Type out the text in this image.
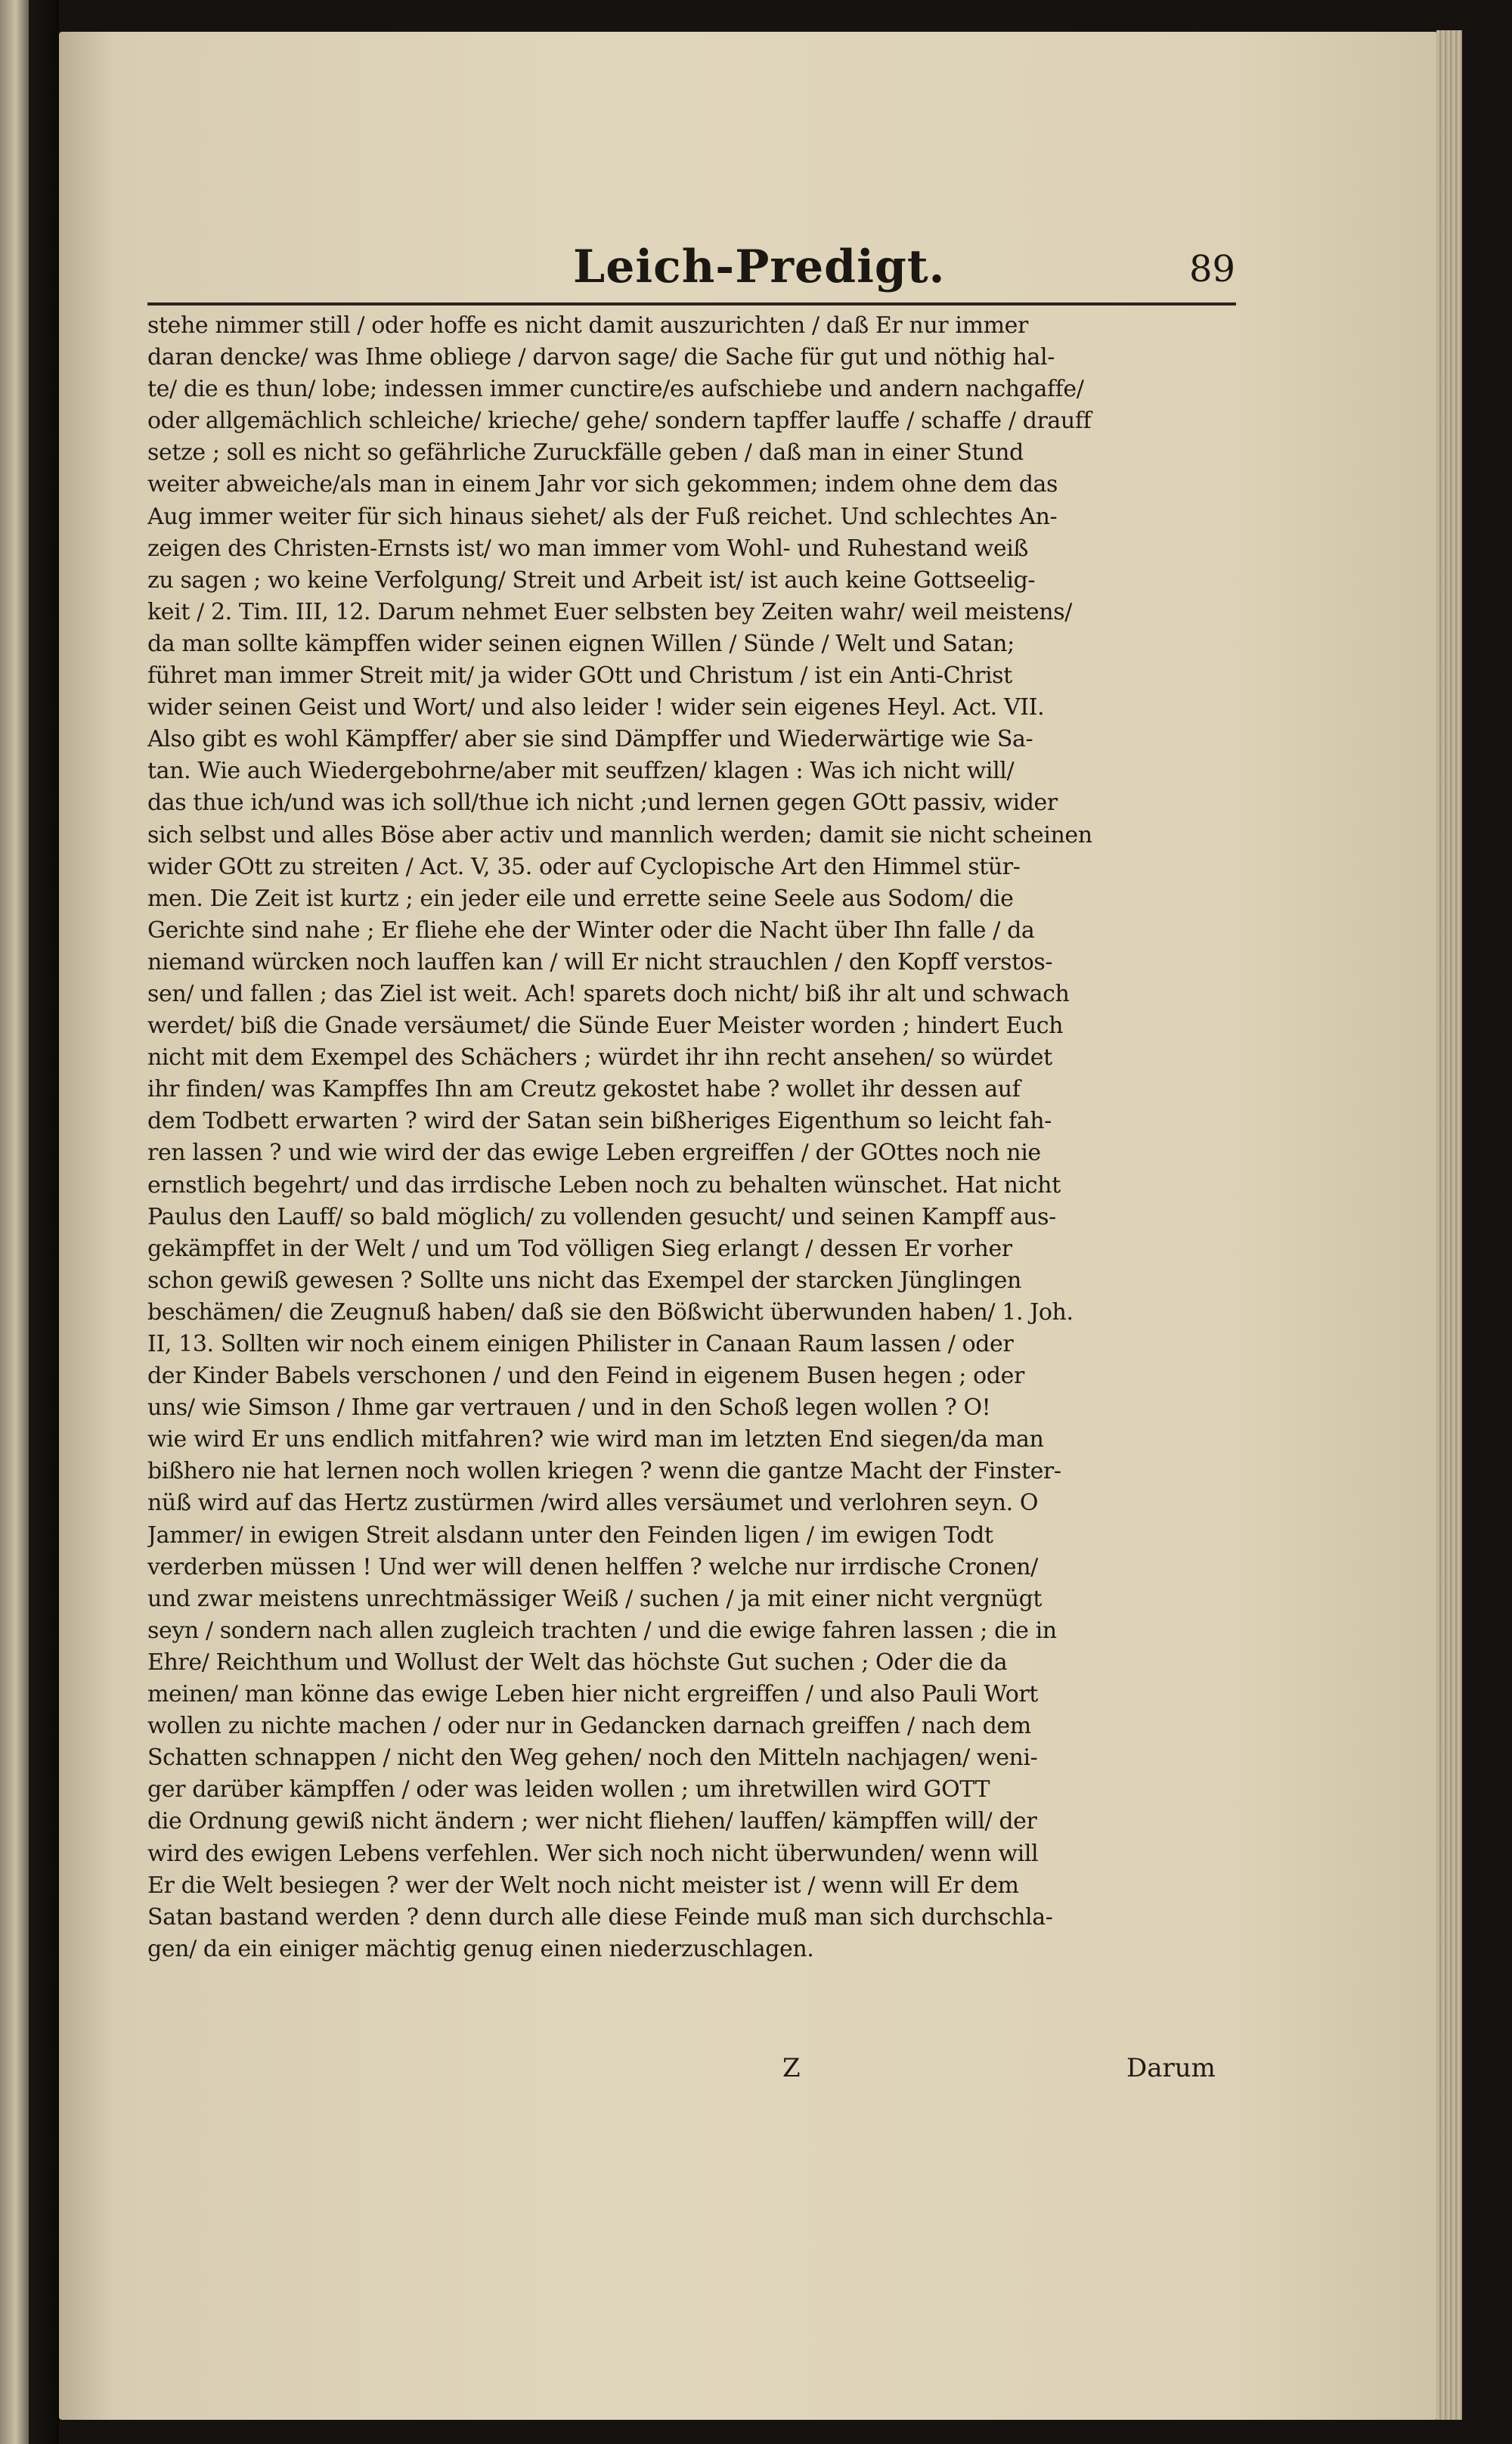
Leich-Predigt.	89
stehe nimmer still / oder hoffe es nicht damit auszurichten / daß Er nur immer
daran dencke/ was Ihme obliege / darvon sage/ die Sache für gut und nöthig hal-
te/ die es thun/ lobe; indessen immer cunctire/es aufschiebe und andern nachgaffe/
oder allgemächlich schleiche/ krieche/ gehe/ sondern tapffer lauffe / schaffe / drauff
setze ; soll es nicht so gefährliche Zuruckfälle geben / daß man in einer Stund
weiter abweiche/als man in einem Jahr vor sich gekommen; indem ohne dem das
Aug immer weiter für sich hinaus siehet/ als der Fuß reichet. Und schlechtes An-
zeigen des Christen-Ernsts ist/ wo man immer vom Wohl- und Ruhestand weiß
zu sagen ; wo keine Verfolgung/ Streit und Arbeit ist/ ist auch keine Gottseelig-
keit / 2. Tim. III, 12. Darum nehmet Euer selbsten bey Zeiten wahr/ weil meistens/
da man sollte kämpffen wider seinen eignen Willen / Sünde / Welt und Satan;
führet man immer Streit mit/ ja wider GOtt und Christum / ist ein Anti-Christ
wider seinen Geist und Wort/ und also leider ! wider sein eigenes Heyl. Act. VII.
Also gibt es wohl Kämpffer/ aber sie sind Dämpffer und Wiederwärtige wie Sa-
tan. Wie auch Wiedergebohrne/aber mit seuffzen/ klagen : Was ich nicht will/
das thue ich/und was ich soll/thue ich nicht ;und lernen gegen GOtt passiv, wider
sich selbst und alles Böse aber activ und mannlich werden; damit sie nicht scheinen
wider GOtt zu streiten / Act. V, 35. oder auf Cyclopische Art den Himmel stür-
men. Die Zeit ist kurtz ; ein jeder eile und errette seine Seele aus Sodom/ die
Gerichte sind nahe ; Er fliehe ehe der Winter oder die Nacht über Ihn falle / da
niemand würcken noch lauffen kan / will Er nicht strauchlen / den Kopff verstos-
sen/ und fallen ; das Ziel ist weit. Ach! sparets doch nicht/ biß ihr alt und schwach
werdet/ biß die Gnade versäumet/ die Sünde Euer Meister worden ; hindert Euch
nicht mit dem Exempel des Schächers ; würdet ihr ihn recht ansehen/ so würdet
ihr finden/ was Kampffes Ihn am Creutz gekostet habe ? wollet ihr dessen auf
dem Todbett erwarten ? wird der Satan sein bißheriges Eigenthum so leicht fah-
ren lassen ? und wie wird der das ewige Leben ergreiffen / der GOttes noch nie
ernstlich begehrt/ und das irrdische Leben noch zu behalten wünschet. Hat nicht
Paulus den Lauff/ so bald möglich/ zu vollenden gesucht/ und seinen Kampff aus-
gekämpffet in der Welt / und um Tod völligen Sieg erlangt / dessen Er vorher
schon gewiß gewesen ? Sollte uns nicht das Exempel der starcken Jünglingen
beschämen/ die Zeugnuß haben/ daß sie den Bößwicht überwunden haben/ 1. Joh.
II, 13. Sollten wir noch einem einigen Philister in Canaan Raum lassen / oder
der Kinder Babels verschonen / und den Feind in eigenem Busen hegen ; oder
uns/ wie Simson / Ihme gar vertrauen / und in den Schoß legen wollen ? O!
wie wird Er uns endlich mitfahren? wie wird man im letzten End siegen/da man
bißhero nie hat lernen noch wollen kriegen ? wenn die gantze Macht der Finster-
nüß wird auf das Hertz zustürmen /wird alles versäumet und verlohren seyn. O
Jammer/ in ewigen Streit alsdann unter den Feinden ligen / im ewigen Todt
verderben müssen ! Und wer will denen helffen ? welche nur irrdische Cronen/
und zwar meistens unrechtmässiger Weiß / suchen / ja mit einer nicht vergnügt
seyn / sondern nach allen zugleich trachten / und die ewige fahren lassen ; die in
Ehre/ Reichthum und Wollust der Welt das höchste Gut suchen ; Oder die da
meinen/ man könne das ewige Leben hier nicht ergreiffen / und also Pauli Wort
wollen zu nichte machen / oder nur in Gedancken darnach greiffen / nach dem
Schatten schnappen / nicht den Weg gehen/ noch den Mitteln nachjagen/ weni-
ger darüber kämpffen / oder was leiden wollen ; um ihretwillen wird GOTT
die Ordnung gewiß nicht ändern ; wer nicht fliehen/ lauffen/ kämpffen will/ der
wird des ewigen Lebens verfehlen. Wer sich noch nicht überwunden/ wenn will
Er die Welt besiegen ? wer der Welt noch nicht meister ist / wenn will Er dem
Satan bastand werden ? denn durch alle diese Feinde muß man sich durchschla-
gen/ da ein einiger mächtig genug einen niederzuschlagen.
Z	Darum
